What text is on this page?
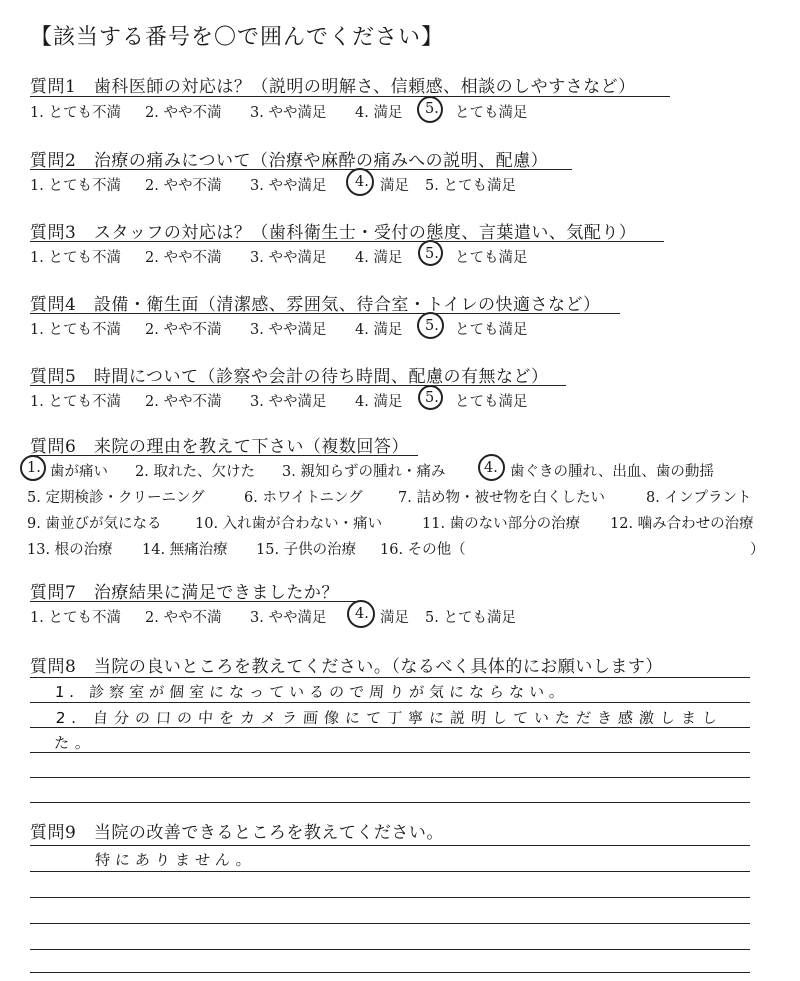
【該当する番号を〇で囲んでください】
質問1　歯科医師の対応は？（説明の明解さ、信頼感、相談のしやすさなど）
1. とても不満 2. やや不満 3. やや満足 4. 満足 5. とても満足
質問2　治療の痛みについて（治療や麻酔の痛みへの説明、配慮）
1. とても不満 2. やや不満 3. やや満足 4. 満足 5. とても満足
質問3　スタッフの対応は？（歯科衛生士・受付の態度、言葉遣い、気配り）
1. とても不満 2. やや不満 3. やや満足 4. 満足 5. とても満足
質問4　設備・衛生面（清潔感、雰囲気、待合室・トイレの快適さなど）
1. とても不満 2. やや不満 3. やや満足 4. 満足 5. とても満足
質問5　時間について（診察や会計の待ち時間、配慮の有無など）
1. とても不満 2. やや不満 3. やや満足 4. 満足 5. とても満足
質問6　来院の理由を教えて下さい（複数回答）
1. 歯が痛い 2. 取れた、欠けた 3. 親知らずの腫れ・痛み	4. 歯ぐきの腫れ、出血、歯の動揺
5. 定期検診・クリーニング	6. ホワイトニング 7. 詰め物・被せ物を白くしたい	8. インプラント
9. 歯並びが気になる 10. 入れ歯が合わない・痛い	11. 歯のない部分の治療 12. 噛み合わせの治療
13. 根の治療 14. 無痛治療 15. 子供の治療 16. その他（	）
質問7　治療結果に満足できましたか？
1. とても不満 2. やや不満 3. やや満足 4. 満足 5. とても満足
質問8　当院の良いところを教えてください。（なるべく具体的にお願いします）
1. 診察室が個室になっているので周りが気にならない。
2. 自分の口の中をカメラ画像にて丁寧に説明していただき感激しました。
質問9　当院の改善できるところを教えてください。
特にありません。
